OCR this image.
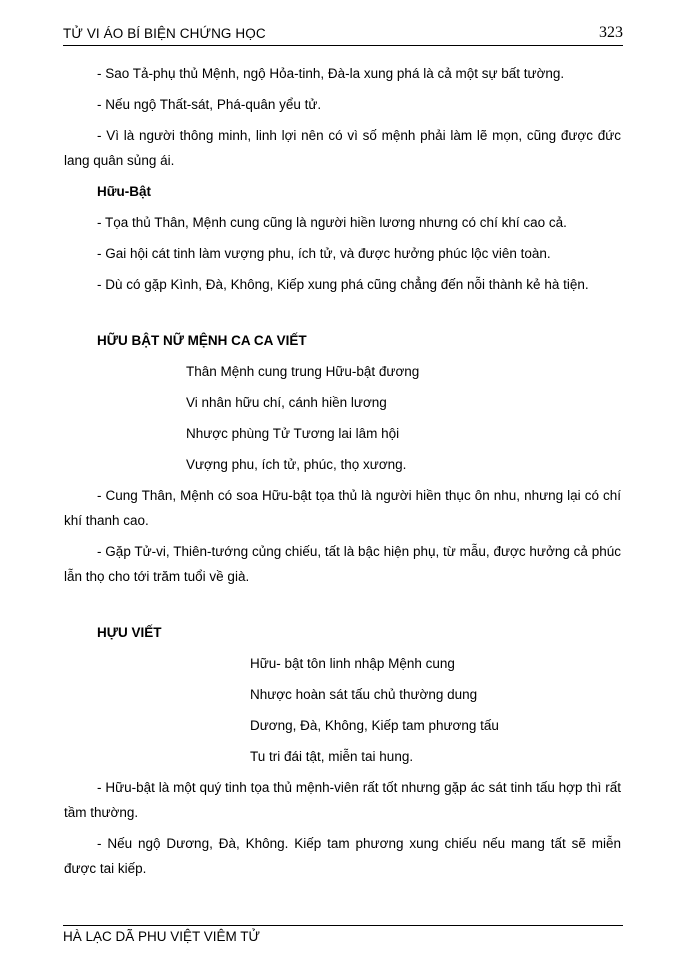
TỬ VI ÁO BÍ BIỆN CHỨNG HỌC	323

- Sao Tả-phụ thủ Mệnh, ngộ Hỏa-tinh, Đà-la xung phá là cả một sự bất tường.

- Nếu ngộ Thất-sát, Phá-quân yểu tử.

- Vì là người thông minh, linh lợi nên có vì số mệnh phải làm lẽ mọn, cũng được đức lang quân sủng ái.

Hữu-Bật

- Tọa thủ Thân, Mệnh cung cũng là người hiền lương nhưng có chí khí cao cả.

- Gai hội cát tinh làm vượng phu, ích tử, và được hưởng phúc lộc viên toàn.

- Dù có gặp Kình, Đà, Không, Kiếp xung phá cũng chẳng đến nỗi thành kẻ hà tiện.

HỮU BẬT NỮ MỆNH CA CA VIẾT

Thân Mệnh cung trung Hữu-bật đương

Vi nhân hữu chí, cánh hiền lương

Nhược phùng Tử Tương lai lâm hội

Vượng phu, ích tử, phúc, thọ xương.

- Cung Thân, Mệnh có soa Hữu-bật tọa thủ là người hiền thục ôn nhu, nhưng lại có chí khí thanh cao.

- Gặp Tử-vi, Thiên-tướng củng chiếu, tất là bậc hiện phụ, từ mẫu, được hưởng cả phúc lẫn thọ cho tới trăm tuổi về già.

HỰU VIẾT

Hữu- bật tôn linh nhập Mệnh cung

Nhược hoàn sát tấu chủ thường dung

Dương, Đà, Không, Kiếp tam phương tấu

Tu tri đái tật, miễn tai hung.

- Hữu-bật là một quý tinh tọa thủ mệnh-viên rất tốt nhưng gặp ác sát tinh tấu hợp thì rất tầm thường.

- Nếu ngộ Dương, Đà, Không. Kiếp tam phương xung chiếu nếu mang tất sẽ miễn được tai kiếp.

HÀ LẠC DÃ PHU VIỆT VIÊM TỬ
